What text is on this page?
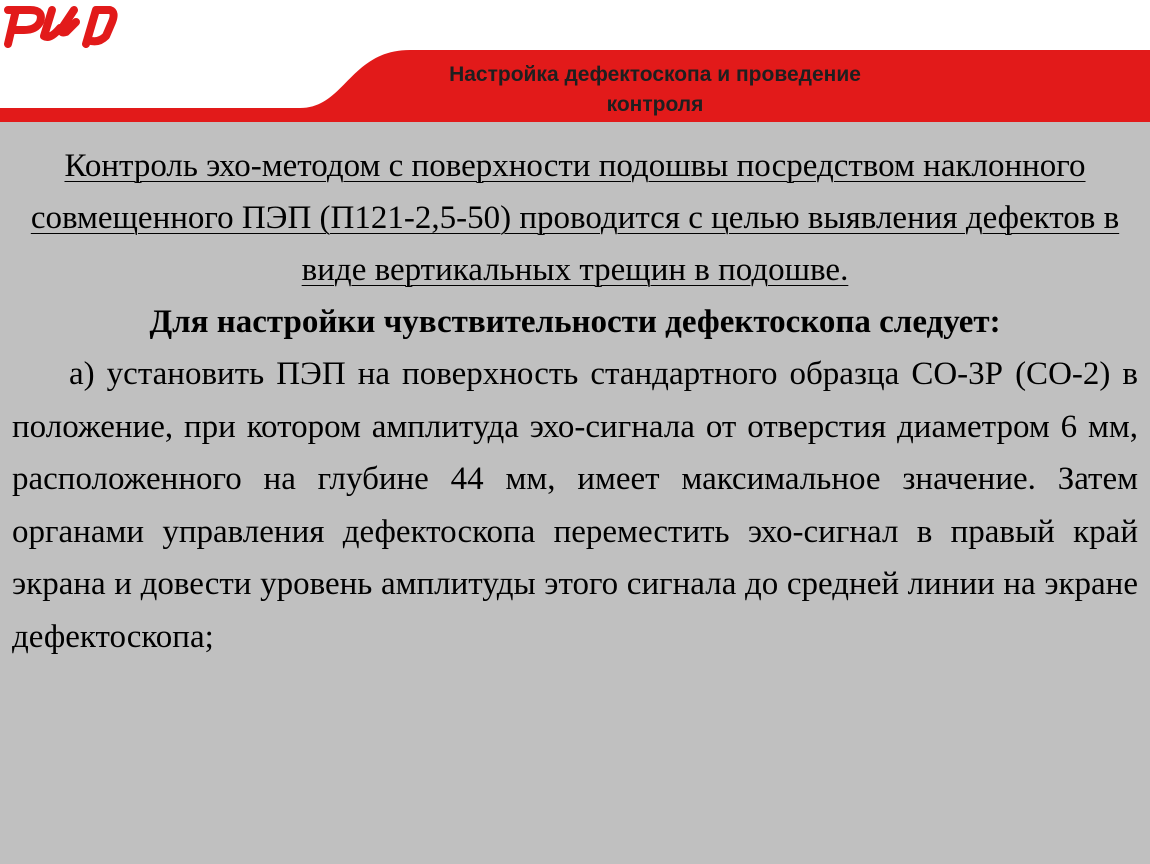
Настройка дефектоскопа и проведение контроля

Контроль эхо-методом с поверхности подошвы посредством наклонного совмещенного ПЭП (П121-2,5-50) проводится с целью выявления дефектов в виде вертикальных трещин в подошве.

Для настройки чувствительности дефектоскопа следует:

а) установить ПЭП на поверхность стандартного образца СО-3Р (СО-2) в положение, при котором амплитуда эхо-сигнала от отверстия диаметром 6 мм, расположенного на глубине 44 мм, имеет максимальное значение. Затем органами управления дефектоскопа переместить эхо-сигнал в правый край экрана и довести уровень амплитуды этого сигнала до средней линии на экране дефектоскопа;
